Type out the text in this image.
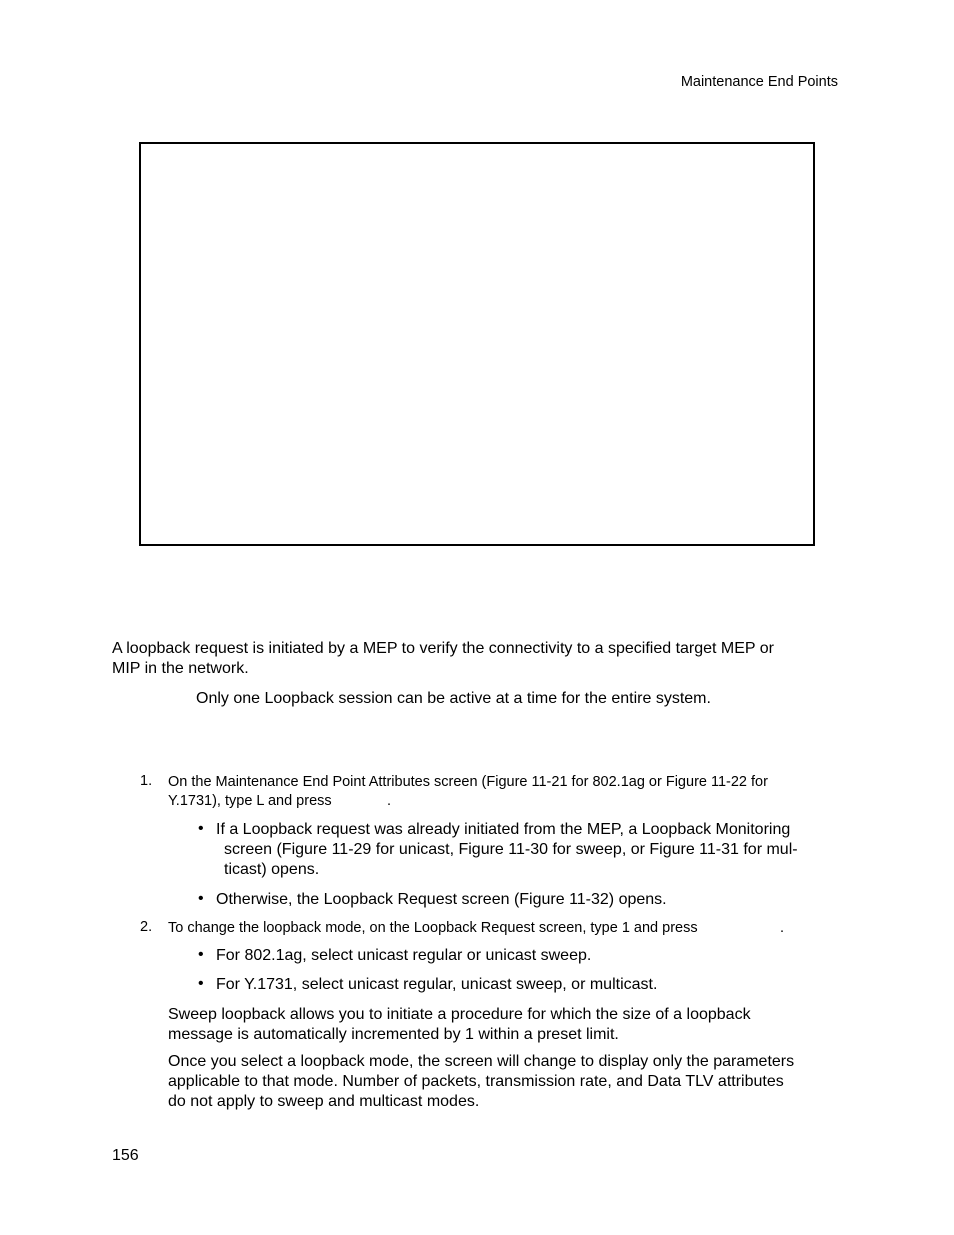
Maintenance End Points
A loopback request is initiated by a MEP to verify the connectivity to a specified target MEP or
MIP in the network.
Only one Loopback session can be active at a time for the entire system.
1. On the Maintenance End Point Attributes screen (Figure 11-21 for 802.1ag or Figure 11-22 for
Y.1731), type L and press	.
• If a Loopback request was already initiated from the MEP, a Loopback Monitoring
screen (Figure 11-29 for unicast, Figure 11-30 for sweep, or Figure 11-31 for mul-
ticast) opens.
• Otherwise, the Loopback Request screen (Figure 11-32) opens.
2. To change the loopback mode, on the Loopback Request screen, type 1 and press	.
• For 802.1ag, select unicast regular or unicast sweep.
• For Y.1731, select unicast regular, unicast sweep, or multicast.
Sweep loopback allows you to initiate a procedure for which the size of a loopback
message is automatically incremented by 1 within a preset limit.
Once you select a loopback mode, the screen will change to display only the parameters
applicable to that mode. Number of packets, transmission rate, and Data TLV attributes
do not apply to sweep and multicast modes.
156
